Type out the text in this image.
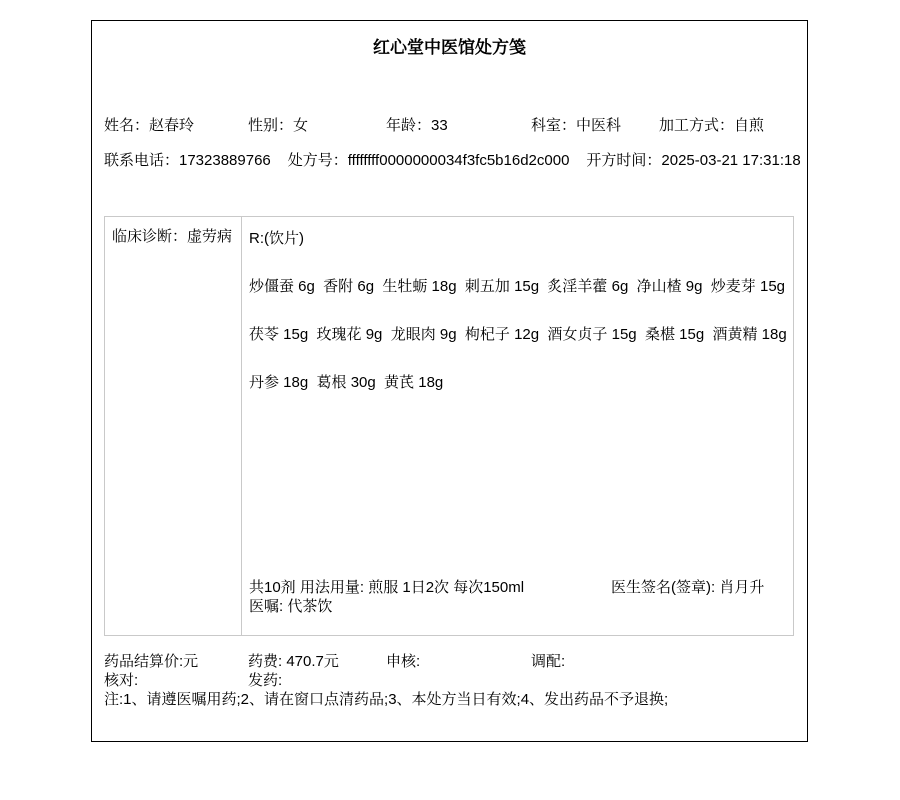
红心堂中医馆处方笺
姓名：赵春玲	性别：女	年龄：33	科室：中医科	加工方式：自煎
联系电话：17323889766 处方号：ffffffff0000000034f3fc5b16d2c000 开方时间：2025-03-21 17:31:18
临床诊断：虚劳病	R:(饮片)
炒僵蚕 6g  香附 6g  生牡蛎 18g  刺五加 15g  炙淫羊藿 6g  净山楂 9g  炒麦芽 15g
茯苓 15g  玫瑰花 9g  龙眼肉 9g  枸杞子 12g  酒女贞子 15g  桑椹 15g  酒黄精 18g
丹参 18g  葛根 30g  黄芪 18g
共10剂 用法用量: 煎服 1日2次 每次150ml	医生签名(签章): 肖月升
医嘱: 代茶饮
药品结算价:元	药费: 470.7元	申核:	调配:
核对:	发药:
注:1、请遵医嘱用药;2、请在窗口点清药品;3、本处方当日有效;4、发出药品不予退换;
